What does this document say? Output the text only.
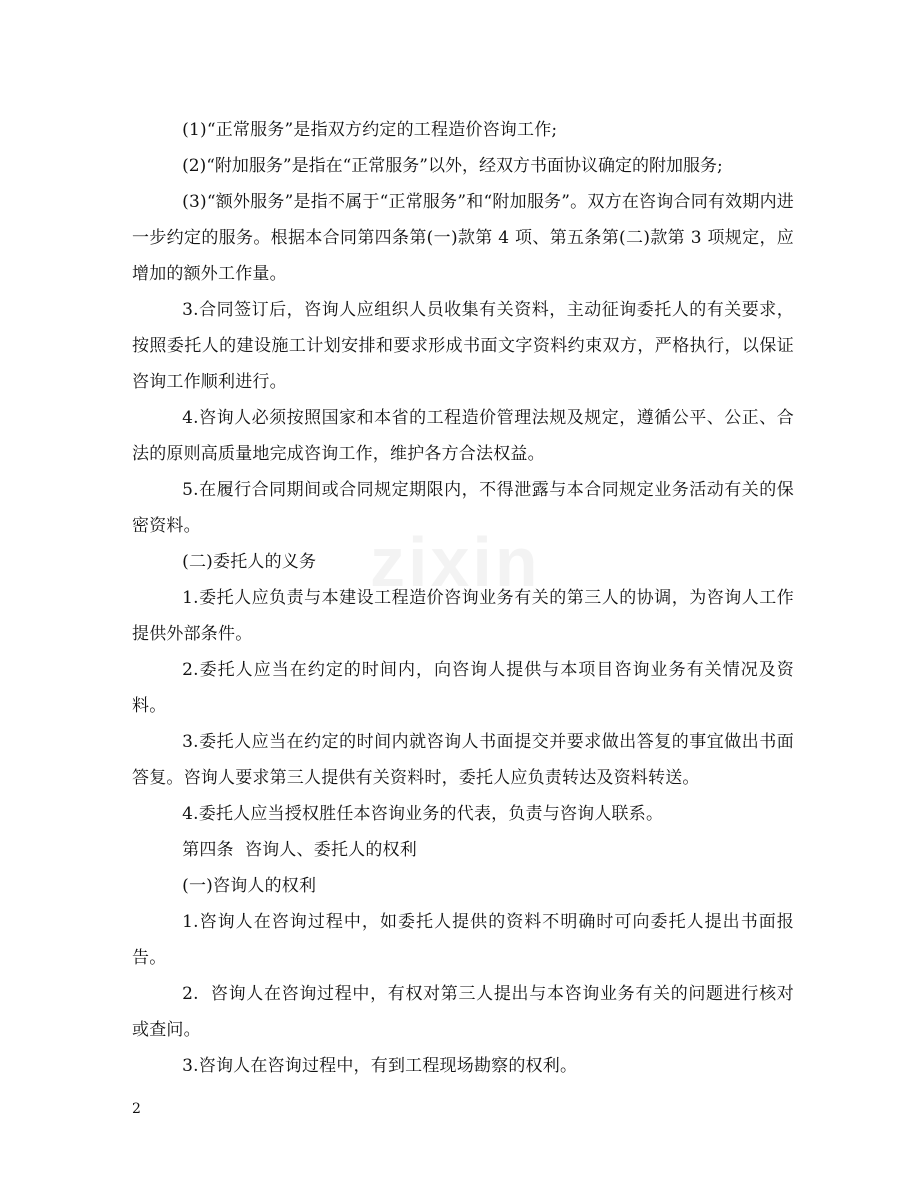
zixin

(1)“正常服务”是指双方约定的工程造价咨询工作;

(2)“附加服务”是指在“正常服务”以外，经双方书面协议确定的附加服务;

(3)“额外服务”是指不属于“正常服务”和“附加服务”。双方在咨询合同有效期内进一步约定的服务。根据本合同第四条第(一)款第 4 项、第五条第(二)款第 3 项规定，应增加的额外工作量。

3.合同签订后，咨询人应组织人员收集有关资料，主动征询委托人的有关要求，按照委托人的建设施工计划安排和要求形成书面文字资料约束双方，严格执行，以保证咨询工作顺利进行。

4.咨询人必须按照国家和本省的工程造价管理法规及规定，遵循公平、公正、合法的原则高质量地完成咨询工作，维护各方合法权益。

5.在履行合同期间或合同规定期限内，不得泄露与本合同规定业务活动有关的保密资料。

(二)委托人的义务

1.委托人应负责与本建设工程造价咨询业务有关的第三人的协调，为咨询人工作提供外部条件。

2.委托人应当在约定的时间内，向咨询人提供与本项目咨询业务有关情况及资料。

3.委托人应当在约定的时间内就咨询人书面提交并要求做出答复的事宜做出书面答复。咨询人要求第三人提供有关资料时，委托人应负责转达及资料转送。

4.委托人应当授权胜任本咨询业务的代表，负责与咨询人联系。

第四条  咨询人、委托人的权利

(一)咨询人的权利

1.咨询人在咨询过程中，如委托人提供的资料不明确时可向委托人提出书面报告。

2.  咨询人在咨询过程中，有权对第三人提出与本咨询业务有关的问题进行核对或查问。

3.咨询人在咨询过程中，有到工程现场勘察的权利。

2
